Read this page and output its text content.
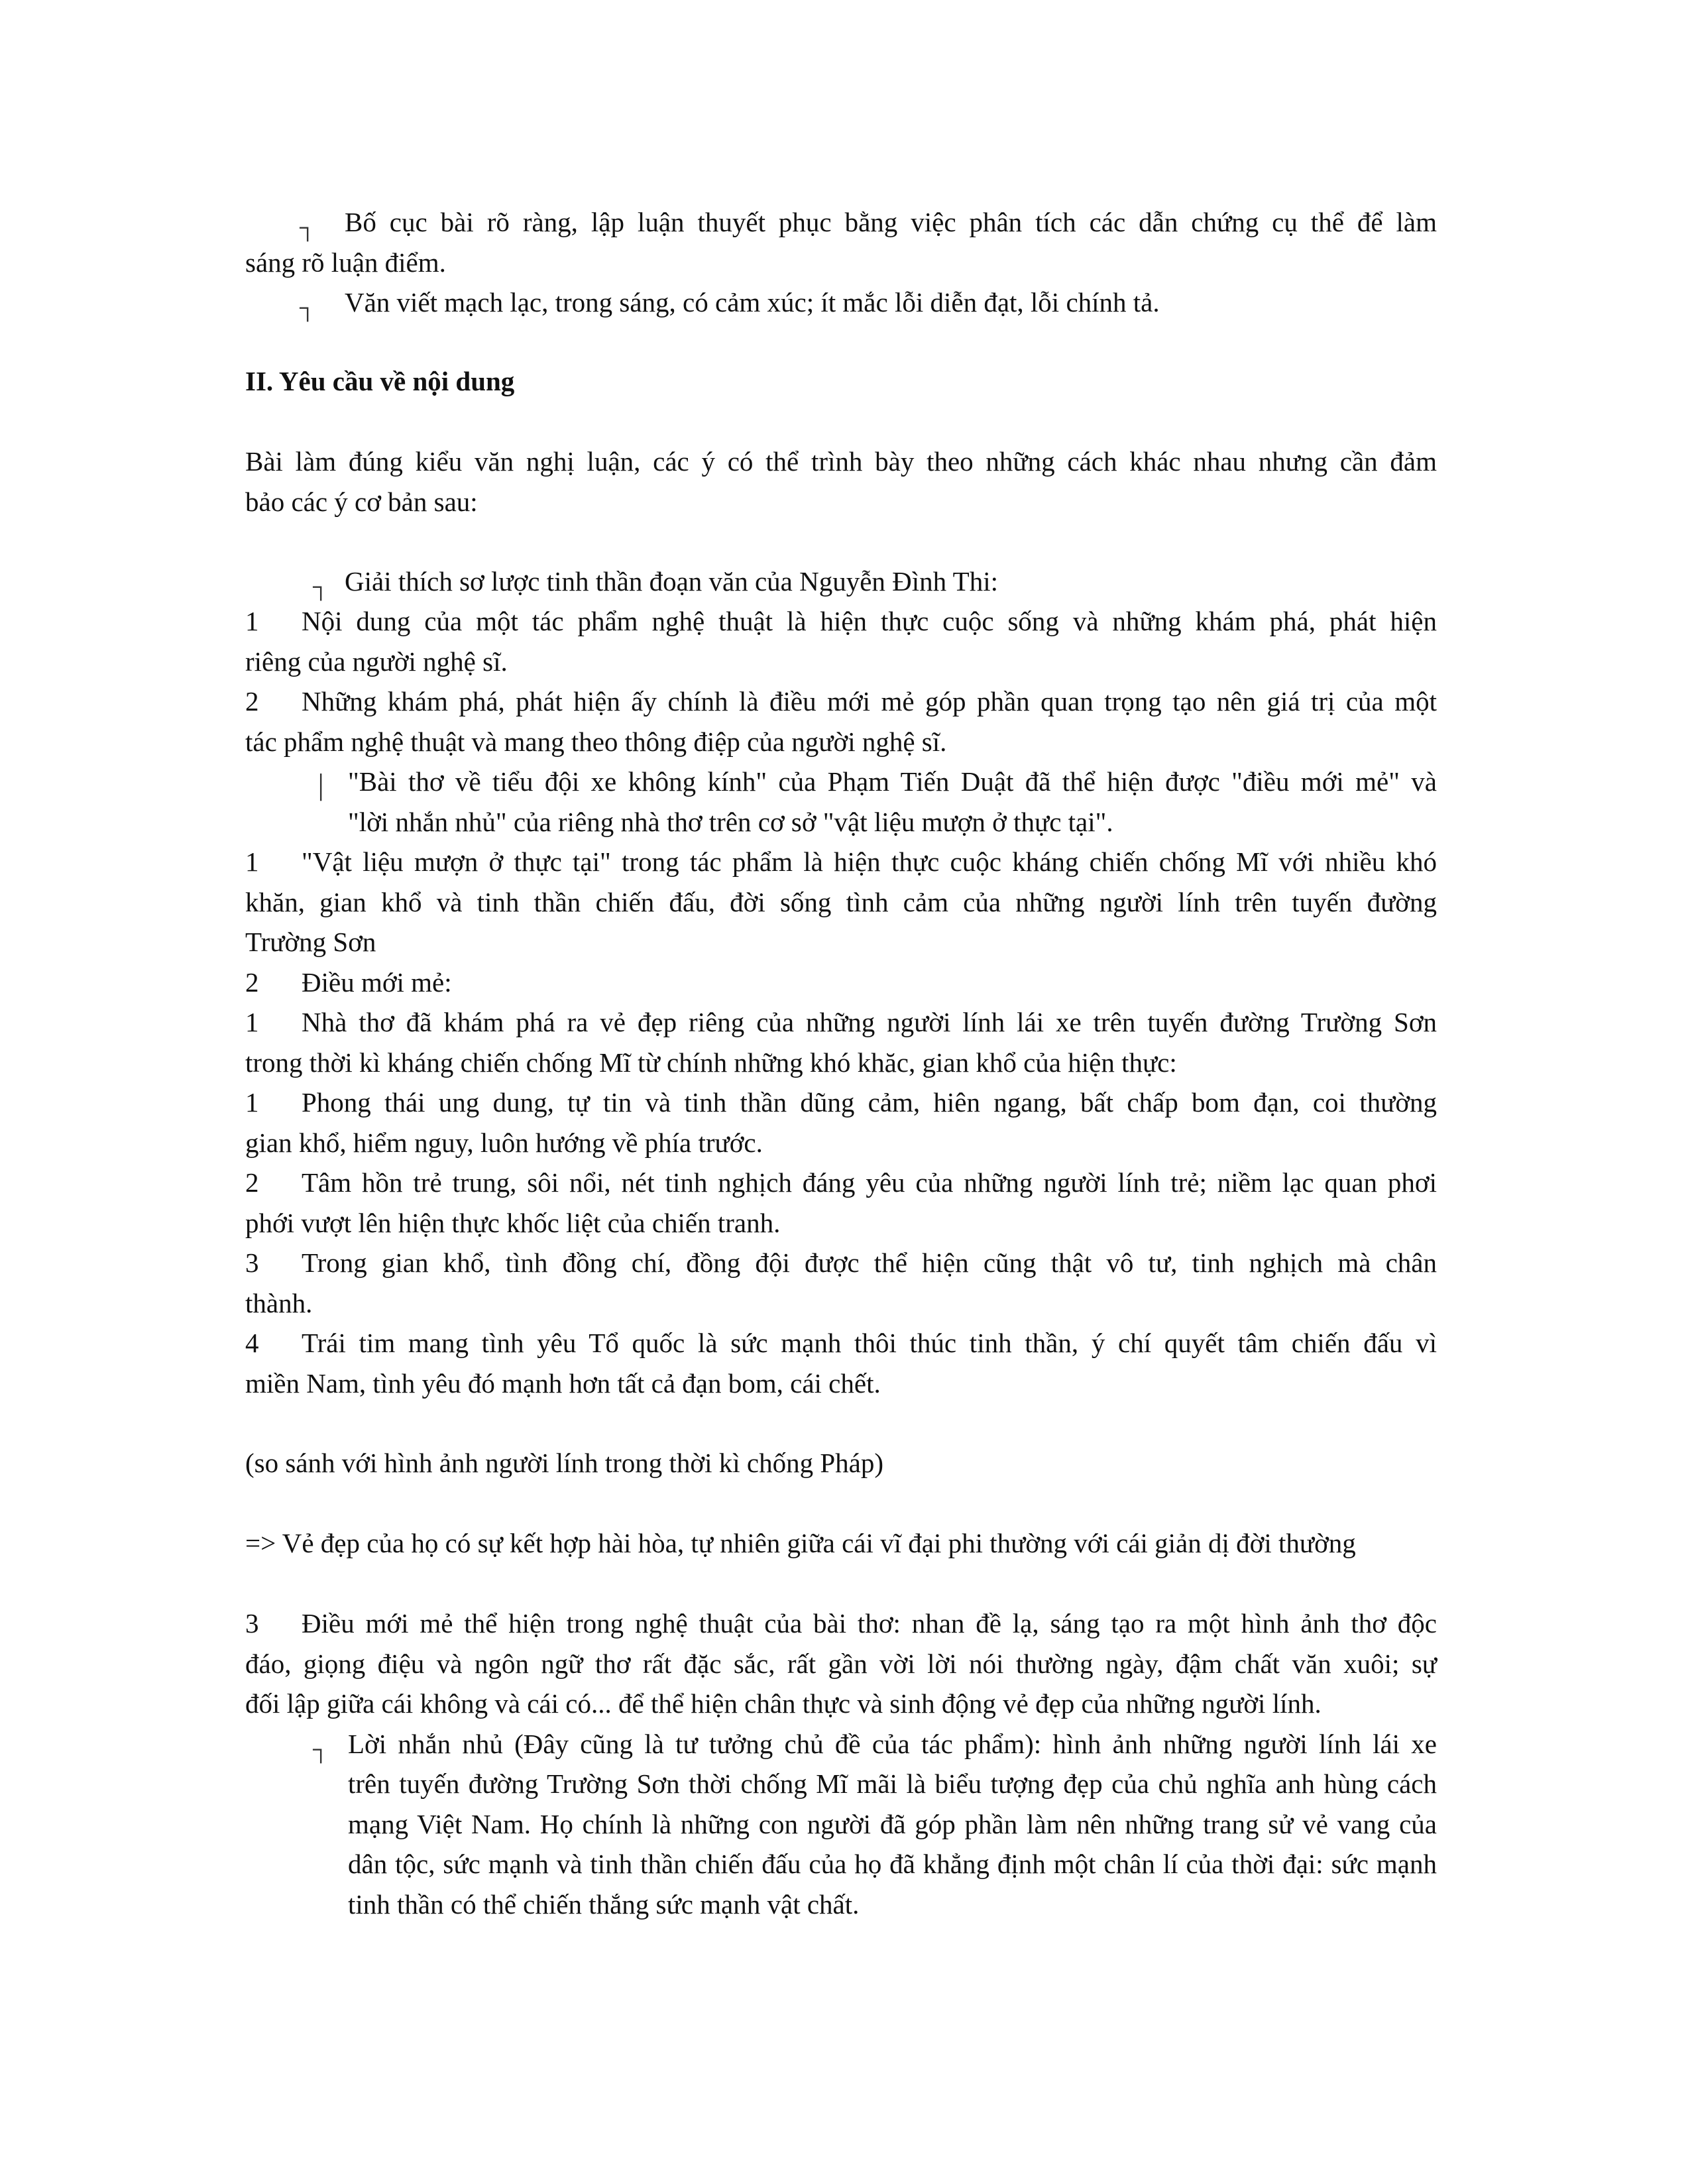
┐ Bố cục bài rõ ràng, lập luận thuyết phục bằng việc phân tích các dẫn chứng cụ thể để làm
sáng rõ luận điểm.
┐ Văn viết mạch lạc, trong sáng, có cảm xúc; ít mắc lỗi diễn đạt, lỗi chính tả.
II. Yêu cầu về nội dung
Bài làm đúng kiểu văn nghị luận, các ý có thể trình bày theo những cách khác nhau nhưng cần đảm
bảo các ý cơ bản sau:
┐ Giải thích sơ lược tinh thần đoạn văn của Nguyễn Đình Thi:
1 Nội dung của một tác phẩm nghệ thuật là hiện thực cuộc sống và những khám phá, phát hiện
riêng của người nghệ sĩ.
2 Những khám phá, phát hiện ấy chính là điều mới mẻ góp phần quan trọng tạo nên giá trị của một
tác phẩm nghệ thuật và mang theo thông điệp của người nghệ sĩ.
│ "Bài thơ về tiểu đội xe không kính" của Phạm Tiến Duật đã thể hiện được "điều mới mẻ" và
"lời nhắn nhủ" của riêng nhà thơ trên cơ sở "vật liệu mượn ở thực tại".
1 "Vật liệu mượn ở thực tại" trong tác phẩm là hiện thực cuộc kháng chiến chống Mĩ với nhiều khó
khăn, gian khổ và tinh thần chiến đấu, đời sống tình cảm của những người lính trên tuyến đường
Trường Sơn
2 Điều mới mẻ:
1 Nhà thơ đã khám phá ra vẻ đẹp riêng của những người lính lái xe trên tuyến đường Trường Sơn
trong thời kì kháng chiến chống Mĩ từ chính những khó khăc, gian khổ của hiện thực:
1 Phong thái ung dung, tự tin và tinh thần dũng cảm, hiên ngang, bất chấp bom đạn, coi thường
gian khổ, hiểm nguy, luôn hướng về phía trước.
2 Tâm hồn trẻ trung, sôi nổi, nét tinh nghịch đáng yêu của những người lính trẻ; niềm lạc quan phơi
phới vượt lên hiện thực khốc liệt của chiến tranh.
3 Trong gian khổ, tình đồng chí, đồng đội được thể hiện cũng thật vô tư, tinh nghịch mà chân
thành.
4 Trái tim mang tình yêu Tổ quốc là sức mạnh thôi thúc tinh thần, ý chí quyết tâm chiến đấu vì
miền Nam, tình yêu đó mạnh hơn tất cả đạn bom, cái chết.
(so sánh với hình ảnh người lính trong thời kì chống Pháp)
=> Vẻ đẹp của họ có sự kết hợp hài hòa, tự nhiên giữa cái vĩ đại phi thường với cái giản dị đời thường
3 Điều mới mẻ thể hiện trong nghệ thuật của bài thơ: nhan đề lạ, sáng tạo ra một hình ảnh thơ độc
đáo, giọng điệu và ngôn ngữ thơ rất đặc sắc, rất gần vời lời nói thường ngày, đậm chất văn xuôi; sự
đối lập giữa cái không và cái có... để thể hiện chân thực và sinh động vẻ đẹp của những người lính.
┐ Lời nhắn nhủ (Đây cũng là tư tưởng chủ đề của tác phẩm): hình ảnh những người lính lái xe
trên tuyến đường Trường Sơn thời chống Mĩ mãi là biểu tượng đẹp của chủ nghĩa anh hùng cách
mạng Việt Nam. Họ chính là những con người đã góp phần làm nên những trang sử vẻ vang của
dân tộc, sức mạnh và tinh thần chiến đấu của họ đã khẳng định một chân lí của thời đại: sức mạnh
tinh thần có thể chiến thắng sức mạnh vật chất.
